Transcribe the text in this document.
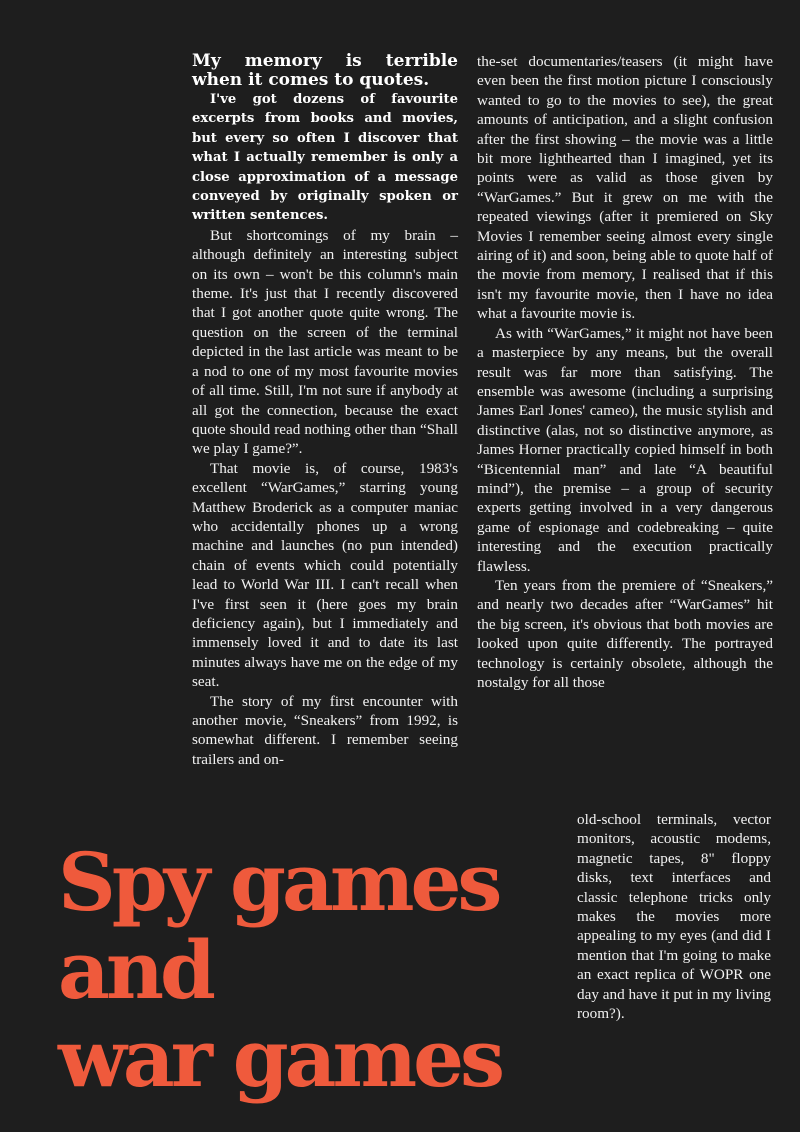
My memory is terrible when it comes to quotes.

I've got dozens of favourite excerpts from books and movies, but every so often I discover that what I actually remember is only a close approximation of a message conveyed by originally spoken or written sentences.

But shortcomings of my brain – although definitely an interesting subject on its own – won't be this column's main theme. It's just that I recently discovered that I got another quote quite wrong. The question on the screen of the terminal depicted in the last article was meant to be a nod to one of my most favourite movies of all time. Still, I'm not sure if anybody at all got the connection, because the exact quote should read nothing other than “Shall we play I game?”.

That movie is, of course, 1983's excellent “WarGames,” starring young Matthew Broderick as a computer maniac who accidentally phones up a wrong machine and launches (no pun intended) chain of events which could potentially lead to World War III. I can't recall when I've first seen it (here goes my brain deficiency again), but I immediately and immensely loved it and to date its last minutes always have me on the edge of my seat.

The story of my first encounter with another movie, “Sneakers” from 1992, is somewhat different. I remember seeing trailers and on-

the-set documentaries/teasers (it might have even been the first motion picture I consciously wanted to go to the movies to see), the great amounts of anticipation, and a slight confusion after the first showing – the movie was a little bit more lighthearted than I imagined, yet its points were as valid as those given by “WarGames.” But it grew on me with the repeated viewings (after it premiered on Sky Movies I remember seeing almost every single airing of it) and soon, being able to quote half of the movie from memory, I realised that if this isn't my favourite movie, then I have no idea what a favourite movie is.

As with “WarGames,” it might not have been a masterpiece by any means, but the overall result was far more than satisfying. The ensemble was awesome (including a surprising James Earl Jones' cameo), the music stylish and distinctive (alas, not so distinctive anymore, as James Horner practically copied himself in both “Bicentennial man” and late “A beautiful mind”), the premise – a group of security experts getting involved in a very dangerous game of espionage and codebreaking – quite interesting and the execution practically flawless.

Ten years from the premiere of “Sneakers,” and nearly two decades after “WarGames” hit the big screen, it's obvious that both movies are looked upon quite differently. The portrayed technology is certainly obsolete, although the nostalgy for all those

old-school terminals, vector monitors, acoustic modems, magnetic tapes, 8" floppy disks, text interfaces and classic telephone tricks only makes the movies more appealing to my eyes (and did I mention that I'm going to make an exact replica of WOPR one day and have it put in my living room?).

Spy games
and
war games
